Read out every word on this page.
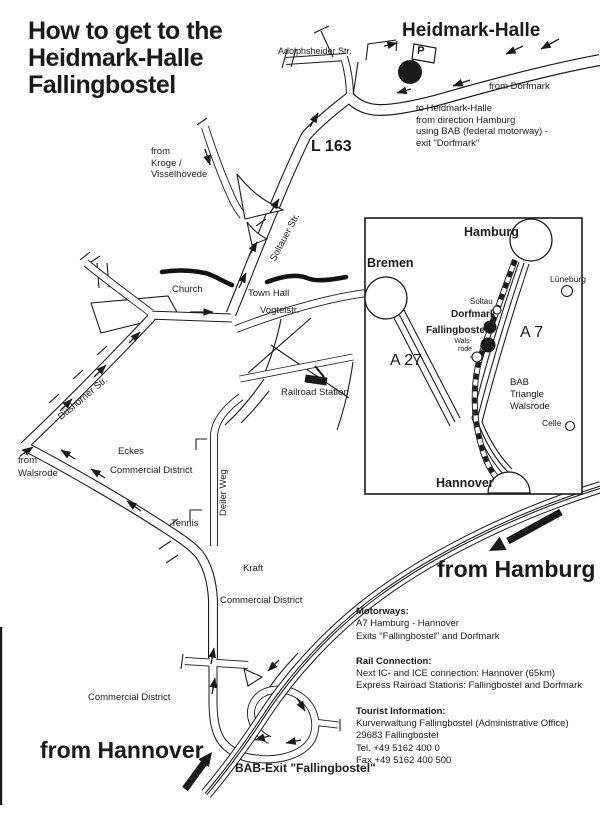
How to get to the
Heidmark-Halle
Fallingbostel
Heidmark-Halle
Adolphsheider Str.
from Dorfmark
P
to Heidmark-Halle
from direction Hamburg
using BAB (federal motorway) -
exit "Dorfmark"
L 163
from
Kroge /
Visselhövede
Soltauer Str.
Church	Town Hall
Vogteistr.
Railroad Station
Düshorner Str.
from
Walsrode
Eckes
Commercial District	Deiler Weg
Tennis
Kraft
Commercial District
from Hamburg
Commercial District
from Hannover
BAB-Exit "Fallingbostel"
Hamburg
Bremen
Lüneburg
Soltau
Dorfmark
Fallingbostel
Wals-
rode
A 7
A 27
BAB
Triangle
Walsrode
Celle
Hannover
Motorways:
A7 Hamburg - Hannover
Exits "Fallingbostel" and Dorfmark
Rail Connection:
Next IC- and ICE connection: Hannover (65km)
Express Rairoad Stations: Fallingbostel and Dorfmark
Tourist Information:
Kurverwaltung Fallingbostel (Administrative Office)
29683 Fallingbostel
Tel. +49 5162 400 0
Fax +49 5162 400 500
